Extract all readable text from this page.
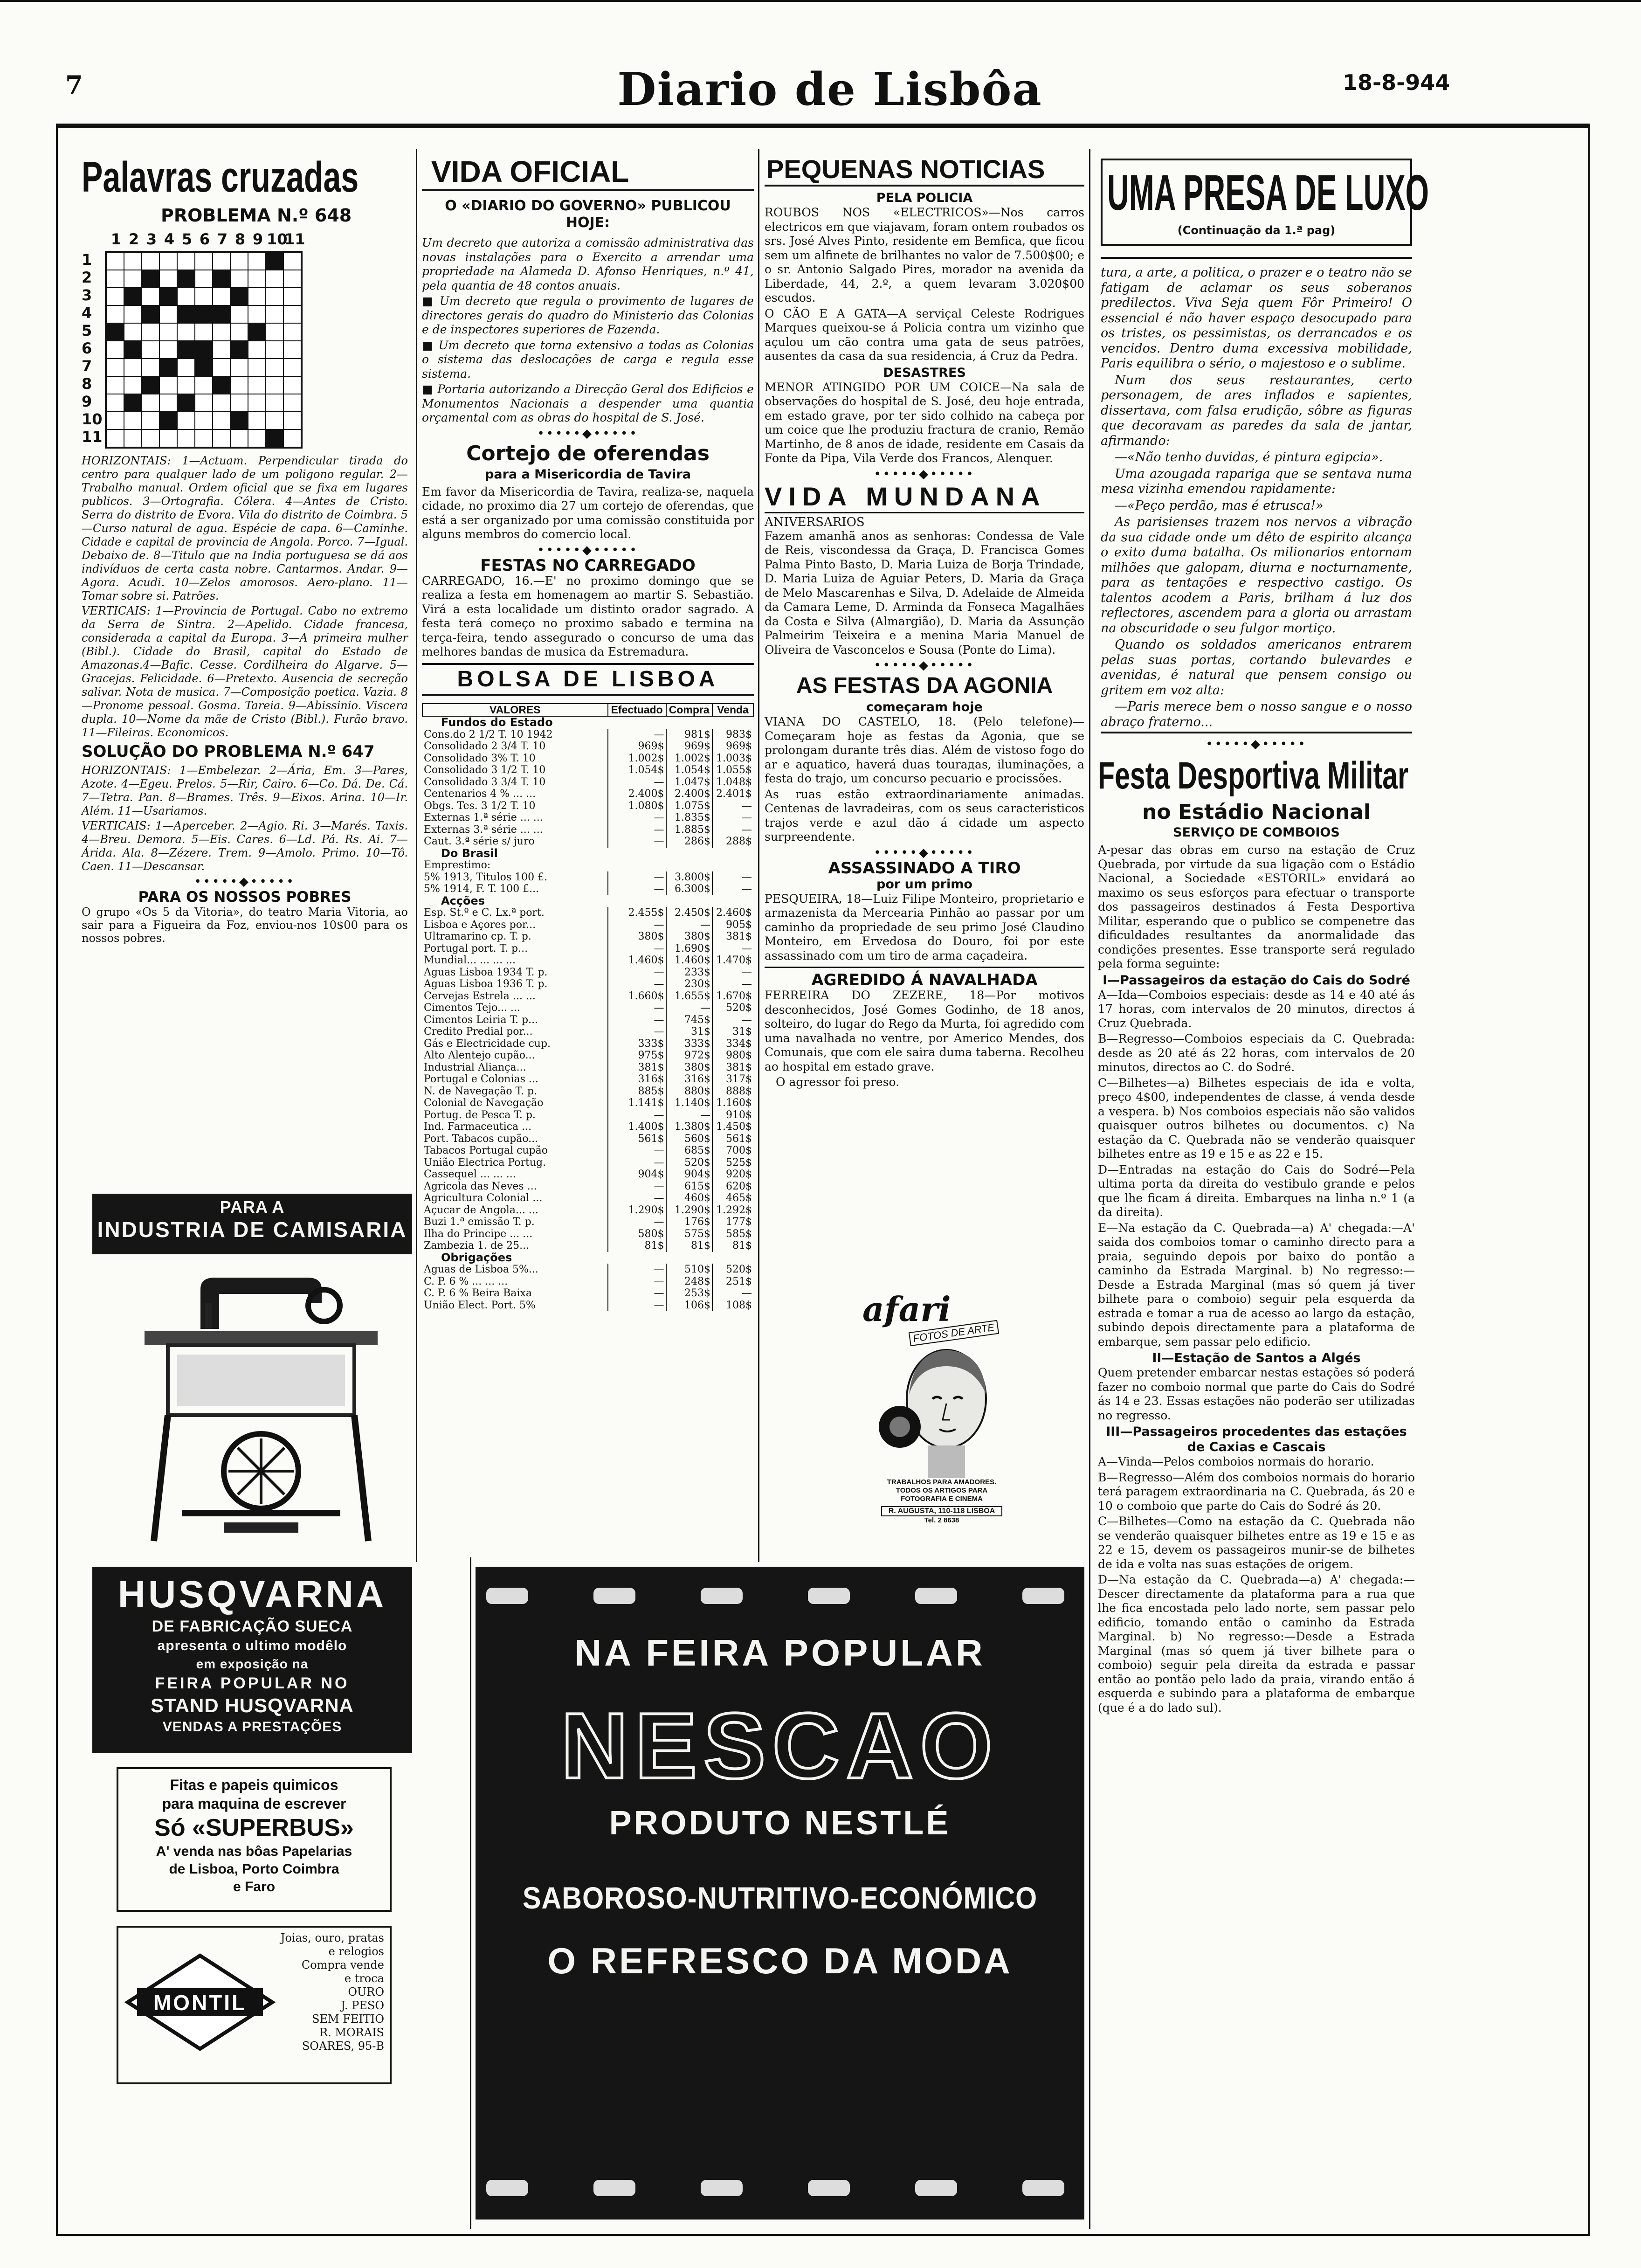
7	Diario de Lisbôa	18-8-944
Palavras cruzadas
PROBLEMA N.º 648
1 2 3 4 5 6 7 8 9 10
11
1
2
3
4
5
6
7
8
9
10
11

HORIZONTAIS: 1—Actuam. Perpendicular tirada do centro para qualquer lado de um poligono regular. 2—Trabalho manual. Ordem oficial que se fixa em lugares publicos. 3—Ortografia. Cólera. 4—Antes de Cristo. Serra do distrito de Evora. Vila do distrito de Coimbra. 5—Curso natural de agua. Espécie de capa. 6—Caminhe. Cidade e capital de provincia de Angola. Porco. 7—Igual. Debaixo de. 8—Titulo que na India portuguesa se dá aos indivíduos de certa casta nobre. Cantarmos. Andar. 9—Agora. Acudi. 10—Zelos amorosos. Aero-plano. 11—Tomar sobre si. Patrões.

VERTICAIS: 1—Provincia de Portugal. Cabo no extremo da Serra de Sintra. 2—Apelido. Cidade francesa, considerada a capital da Europa. 3—A primeira mulher (Bibl.). Cidade do Brasil, capital do Estado de Amazonas.4—Bafic. Cesse. Cordilheira do Algarve. 5—Gracejas. Felicidade. 6—Pretexto. Ausencia de secreção salivar. Nota de musica. 7—Composição poetica. Vazia. 8—Pronome pessoal. Gosma. Tareia. 9—Abissinio. Viscera dupla. 10—Nome da mãe de Cristo (Bibl.). Furão bravo. 11—Fileiras. Economicos.

SOLUÇÃO DO PROBLEMA N.º 647

HORIZONTAIS: 1—Embelezar. 2—Ária, Em. 3—Pares, Azote. 4—Egeu. Prelos. 5—Rir, Cairo. 6—Co. Dá. De. Cá. 7—Tetra. Pan. 8—Brames. Três. 9—Eixos. Arina. 10—Ir. Além. 11—Usariamos.

VERTICAIS: 1—Aperceber. 2—Agio. Ri. 3—Marés. Taxis. 4—Breu. Demora. 5—Eis. Cares. 6—Ld. Pá. Rs. Ai. 7—Árida. Ala. 8—Zézere. Trem. 9—Amolo. Primo. 10—Tô. Caen. 11—Descansar.

•••••◆•••••
PARA OS NOSSOS POBRES

O grupo «Os 5 da Vitoria», do teatro Maria Vitoria, ao sair para a Figueira da Foz, enviou-nos 10$00 para os nossos pobres.

PARA A
INDUSTRIA DE CAMISARIA
HUSQVARNA
DE FABRICAÇÃO SUECA
apresenta o ultimo modêlo
em exposição na
FEIRA POPULAR NO
STAND HUSQVARNA
VENDAS A PRESTAÇÕES
Fitas e papeis quimicos
para maquina de escrever
Só «SUPERBUS»
A' venda nas bôas Papelarias
de Lisboa, Porto Coimbra
e Faro
MONTIL
Joias, ouro, pratas
e relogios
Compra vende
e troca
OURO
J. PESO
SEM FEITIO
R. MORAIS
SOARES, 95-B
VIDA OFICIAL
O «DIARIO DO GOVERNO» PUBLICOU HOJE:

Um decreto que autoriza a comissão administrativa das novas instalações para o Exercito a arrendar uma propriedade na Alameda D. Afonso Henriques, n.º 41, pela quantia de 48 contos anuais.

■ Um decreto que regula o provimento de lugares de directores gerais do quadro do Ministerio das Colonias e de inspectores superiores de Fazenda.

■ Um decreto que torna extensivo a todas as Colonias o sistema das deslocações de carga e regula esse sistema.

■ Portaria autorizando a Direcção Geral dos Edificios e Monumentos Nacionais a despender uma quantia orçamental com as obras do hospital de S. José.

•••••◆•••••
Cortejo de oferendas
para a Misericordia de Tavira

Em favor da Misericordia de Tavira, realiza-se, naquela cidade, no proximo dia 27 um cortejo de oferendas, que está a ser organizado por uma comissão constituida por alguns membros do comercio local.

•••••◆•••••
FESTAS NO CARREGADO

CARREGADO, 16.—E' no proximo domingo que se realiza a festa em homenagem ao martir S. Sebastião. Virá a esta localidade um distinto orador sagrado. A festa terá começo no proximo sabado e termina na terça-feira, tendo assegurado o concurso de uma das melhores bandas de musica da Estremadura.

BOLSA DE LISBOA
VALORES	Efectuado	Compra	Venda
Fundos do Estado			
Cons.do 2 1/2 T. 10 1942	—	981$	983$
Consolidado 2 3/4 T. 10	969$	969$	969$
Consolidado 3% T. 10	1.002$	1.002$	1.003$
Consolidado 3 1/2 T. 10	1.054$	1.054$	1.055$
Consolidado 3 3/4 T. 10	—	1.047$	1.048$
Centenarios 4 % ... ...	2.400$	2.400$	2.401$
Obgs. Tes. 3 1/2 T. 10	1.080$	1.075$	—
Externas 1.ª série ... ...	—	1.835$	—
Externas 3.ª série ... ...	—	1.885$	—
Caut. 3.ª série s/ juro	—	286$	288$
Do Brasil			
Emprestimo:			
5% 1913, Titulos 100 £.	—	3.800$	—
5% 1914, F. T. 100 £...	—	6.300$	—
Acções			
Esp. St.º e C. Lx.ª port.	2.455$	2.450$	2.460$
Lisboa e Açores por...	—	—	905$
Ultramarino cp. T. p.	380$	380$	381$
Portugal port. T. p...	—	1.690$	—
Mundial... ... ... ...	1.460$	1.460$	1.470$
Aguas Lisboa 1934 T. p.	—	233$	—
Aguas Lisboa 1936 T. p.	—	230$	—
Cervejas Estrela ... ...	1.660$	1.655$	1.670$
Cimentos Tejo... ...	—	—	520$
Cimentos Leiria T. p...	—	745$	—
Credito Predial por...	—	31$	31$
Gás e Electricidade cup.	333$	333$	334$
Alto Alentejo cupão...	975$	972$	980$
Industrial Aliança...	381$	380$	381$
Portugal e Colonias ...	316$	316$	317$
N. de Navegação T. p.	885$	880$	888$
Colonial de Navegação	1.141$	1.140$	1.160$
Portug. de Pesca T. p.	—	—	910$
Ind. Farmaceutica ...	1.400$	1.380$	1.450$
Port. Tabacos cupão...	561$	560$	561$
Tabacos Portugal cupão	—	685$	700$
União Electrica Portug.	—	520$	525$
Cassequel ... ... ...	904$	904$	920$
Agricola das Neves ...	—	615$	620$
Agricultura Colonial ...	—	460$	465$
Açucar de Angola... ...	1.290$	1.290$	1.292$
Buzi 1.ª emissão T. p.	—	176$	177$
Ilha do Principe ... ...	580$	575$	585$
Zambezia 1. de 25...	81$	81$	81$
Obrigações			
Aguas de Lisboa 5%...	—	510$	520$
C. P. 6 % ... ... ...	—	248$	251$
C. P. 6 % Beira Baixa	—	253$	—
União Elect. Port. 5%	—	106$	108$
PEQUENAS NOTICIAS
PELA POLICIA

ROUBOS NOS «ELECTRICOS»—Nos carros electricos em que viajavam, foram ontem roubados os srs. José Alves Pinto, residente em Bemfica, que ficou sem um alfinete de brilhantes no valor de 7.500$00; e o sr. Antonio Salgado Pires, morador na avenida da Liberdade, 44, 2.º, a quem levaram 3.020$00 escudos.

O CÃO E A GATA—A serviçal Celeste Rodrigues Marques queixou-se á Policia contra um vizinho que açulou um cão contra uma gata de seus patrões, ausentes da casa da sua residencia, á Cruz da Pedra.

DESASTRES

MENOR ATINGIDO POR UM COICE—Na sala de observações do hospital de S. José, deu hoje entrada, em estado grave, por ter sido colhido na cabeça por um coice que lhe produziu fractura de cranio, Remão Martinho, de 8 anos de idade, residente em Casais da Fonte da Pipa, Vila Verde dos Francos, Alenquer.

•••••◆•••••
VIDA MUNDANA
ANIVERSARIOS

Fazem amanhã anos as senhoras: Condessa de Vale de Reis, viscondessa da Graça, D. Francisca Gomes Palma Pinto Basto, D. Maria Luiza de Borja Trindade, D. Maria Luiza de Aguiar Peters, D. Maria da Graça de Melo Mascarenhas e Silva, D. Adelaide de Almeida da Camara Leme, D. Arminda da Fonseca Magalhães da Costa e Silva (Almargião), D. Maria da Assunção Palmeirim Teixeira e a menina Maria Manuel de Oliveira de Vasconcelos e Sousa (Ponte do Lima).

•••••◆•••••
AS FESTAS DA AGONIA
começaram hoje

VIANA DO CASTELO, 18. (Pelo telefone)—Começaram hoje as festas da Agonia, que se prolongam durante três dias. Além de vistoso fogo do ar e aquatico, haverá duas tourадas, iluminações, a festa do trajo, um concurso pecuario e procissões.

As ruas estão extraordinariamente animadas. Centenas de lavradeiras, com os seus caracteristicos trajos verde e azul dão á cidade um aspecto surpreendente.

•••••◆•••••
ASSASSINADO A TIRO
por um primo

PESQUEIRA, 18—Luiz Filipe Monteiro, proprietario e armazenista da Mercearia Pinhão ao passar por um caminho da propriedade de seu primo José Claudino Monteiro, em Ervedosa do Douro, foi por este assassinado com um tiro de arma caçadeira.

AGREDIDO Á NAVALHADA

FERREIRA DO ZEZERE, 18—Por motivos desconhecidos, José Gomes Godinho, de 18 anos, solteiro, do lugar do Rego da Murta, foi agredido com uma navalhada no ventre, por Americo Mendes, dos Comunais, que com ele saira duma taberna. Recolheu ao hospital em estado grave.

O agressor foi preso.

afari
FOTOS DE ARTE
TRABALHOS PARA AMADORES.
TODOS OS ARTIGOS PARA
FOTOGRAFIA E CINEMA
R. AUGUSTA, 110-118 LISBOA
Tel. 2 8638
UMA PRESA DE LUXO
(Continuação da 1.ª pag)

tura, a arte, a politica, o prazer e o teatro não se fatigam de aclamar os seus soberanos predilectos. Viva Seja quem Fôr Primeiro! O essencial é não haver espaço desocupado para os tristes, os pessimistas, os derrancados e os vencidos. Dentro duma excessiva mobilidade, Paris equilibra o sério, o majestoso e o sublime.

Num dos seus restaurantes, certo personagem, de ares inflados e sapientes, dissertava, com falsa erudição, sôbre as figuras que decoravam as paredes da sala de jantar, afirmando:

—«Não tenho duvidas, é pintura egipcia».

Uma azougada rapariga que se sentava numa mesa vizinha emendou rapidamente:

—«Peço perdão, mas é etrusca!»

As parisienses trazem nos nervos a vibração da sua cidade onde um dêto de espirito alcança o exito duma batalha. Os milionarios entornam milhões que galopam, diurna e nocturnamente, para as tentações e respectivo castigo. Os talentos acodem a Paris, brilham á luz dos reflectores, ascendem para a gloria ou arrastam na obscuridade o seu fulgor mortiço.

Quando os soldados americanos entrarem pelas suas portas, cortando bulevardes e avenidas, é natural que pensem consigo ou gritem em voz alta:

—Paris merece bem o nosso sangue e o nosso abraço fraterno...

•••••◆•••••
Festa Desportiva Militar
no Estádio Nacional
SERVIÇO DE COMBOIOS

A-pesar das obras em curso na estação de Cruz Quebrada, por virtude da sua ligação com o Estádio Nacional, a Sociedade «ESTORIL» envidará ao maximo os seus esforços para efectuar o transporte dos passageiros destinados á Festa Desportiva Militar, esperando que o publico se compenetre das dificuldades resultantes da anormalidade das condições presentes. Esse transporte será regulado pela forma seguinte:

I—Passageiros da estação do Cais do Sodré

A—Ida—Comboios especiais: desde as 14 e 40 até ás 17 horas, com intervalos de 20 minutos, directos á Cruz Quebrada.

B—Regresso—Comboios especiais da C. Quebrada: desde as 20 até ás 22 horas, com intervalos de 20 minutos, directos ao C. do Sodré.

C—Bilhetes—a) Bilhetes especiais de ida e volta, preço 4$00, independentes de classe, á venda desde a vespera. b) Nos comboios especiais não são validos quaisquer outros bilhetes ou documentos. c) Na estação da C. Quebrada não se venderão quaisquer bilhetes entre as 19 e 15 e as 22 e 15.

D—Entradas na estação do Cais do Sodré—Pela ultima porta da direita do vestibulo grande e pelos que lhe ficam á direita. Embarques na linha n.º 1 (a da direita).

E—Na estação da C. Quebrada—a) A' chegada:—A' saida dos comboios tomar o caminho directo para a praia, seguindo depois por baixo do pontão a caminho da Estrada Marginal. b) No regresso:—Desde a Estrada Marginal (mas só quem já tiver bilhete para o comboio) seguir pela esquerda da estrada e tomar a rua de acesso ao largo da estação, subindo depois directamente para a plataforma de embarque, sem passar pelo edificio.

II—Estação de Santos a Algés

Quem pretender embarcar nestas estações só poderá fazer no comboio normal que parte do Cais do Sodré ás 14 e 23. Essas estações não poderão ser utilizadas no regresso.

III—Passageiros procedentes das estações de Caxias e Cascais

A—Vinda—Pelos comboios normais do horario.

B—Regresso—Além dos comboios normais do horario terá paragem extraordinaria na C. Quebrada, ás 20 e 10 o comboio que parte do Cais do Sodré ás 20.

C—Bilhetes—Como na estação da C. Quebrada não se venderão quaisquer bilhetes entre as 19 e 15 e as 22 e 15, devem os passageiros munir-se de bilhetes de ida e volta nas suas estações de origem.

D—Na estação da C. Quebrada—a) A' chegada:—Descer directamente da plataforma para a rua que lhe fica encostada pelo lado norte, sem passar pelo edificio, tomando então o caminho da Estrada Marginal. b) No regresso:—Desde a Estrada Marginal (mas só quem já tiver bilhete para o comboio) seguir pela direita da estrada e passar então ao pontão pelo lado da praia, virando então á esquerda e subindo para a plataforma de embarque (que é a do lado sul).

NA FEIRA POPULAR
NESCAO
PRODUTO NESTLÉ
SABOROSO-NUTRITIVO-ECONÓMICO
O REFRESCO DA MODA
